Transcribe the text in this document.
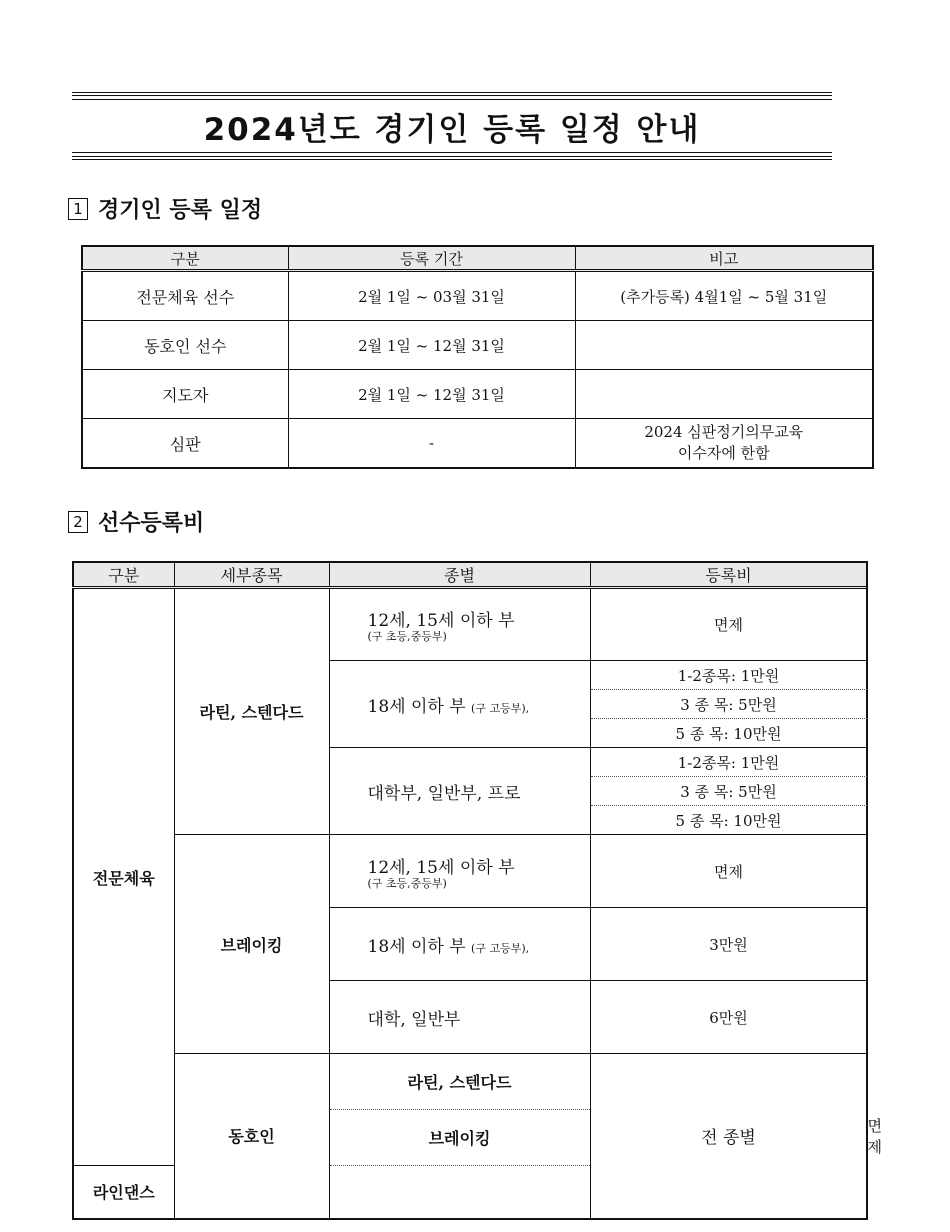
2024년도 경기인 등록 일정 안내
1 경기인 등록 일정
구분	등록 기간	비고
전문체육 선수	2월 1일 ~ 03월 31일	(추가등록) 4월1일 ~ 5월 31일
동호인 선수	2월 1일 ~ 12월 31일	
지도자	2월 1일 ~ 12월 31일	
심판	-	2024 심판정기의무교육
이수자에 한함
2 선수등록비
구분	세부종목	종별	등록비	
전문체육	라틴, 스텐다드	12세, 15세 이하 부
(구 초등,중등부)	면제	
		18세 이하 부 (구 고등부),	1-2종목: 1만원	
			3 종 목: 5만원	
			5 종 목: 10만원	
		대학부, 일반부, 프로	1-2종목: 1만원	
			3 종 목: 5만원	
			5 종 목: 10만원	
	브레이킹	12세, 15세 이하 부
(구 초등,중등부)	면제	
		18세 이하 부 (구 고등부),	3만원	
		대학, 일반부	6만원	
	동호인	라틴, 스텐다드	전 종별	면제
		브레이킹		
라인댄스				
